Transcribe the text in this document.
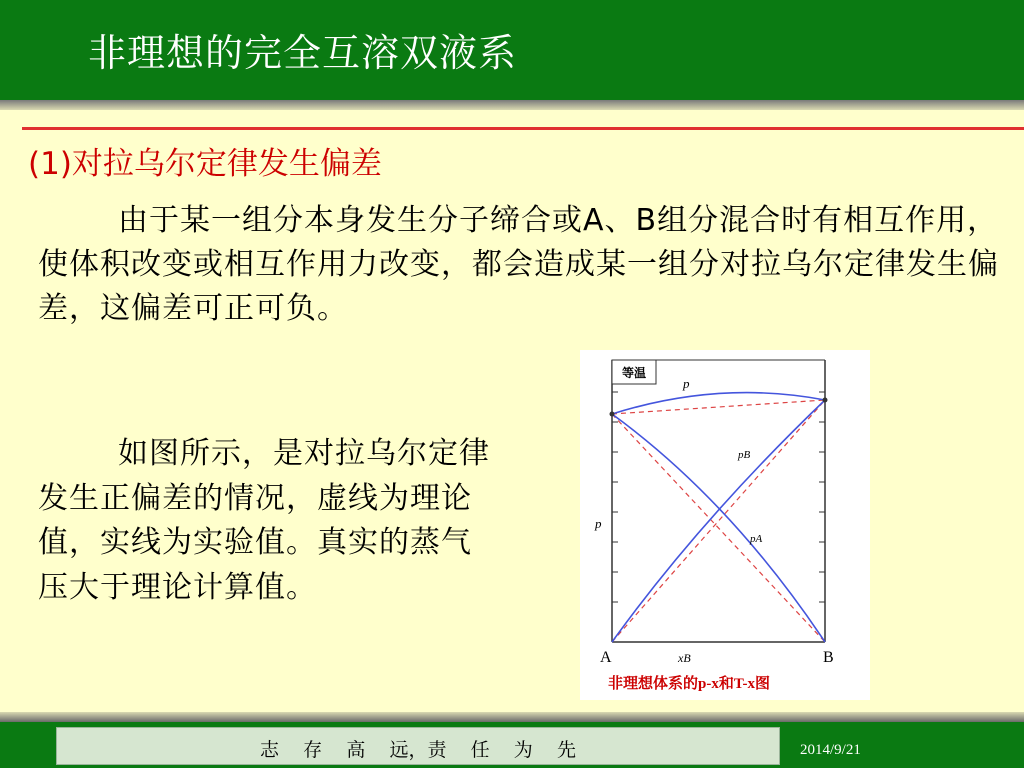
非理想的完全互溶双液系
(1)对拉乌尔定律发生偏差
由于某一组分本身发生分子缔合或A、B组分混合时有相互作用，使体积改变或相互作用力改变，都会造成某一组分对拉乌尔定律发生偏差，这偏差可正可负。
如图所示，是对拉乌尔定律发生正偏差的情况，虚线为理论值，实线为实验值。真实的蒸气压大于理论计算值。
等温
p
pB
pA
p
A	B
xB
非理想体系的p-x和T-x图
志    存    高    远，责    任    为    先	2014/9/21
